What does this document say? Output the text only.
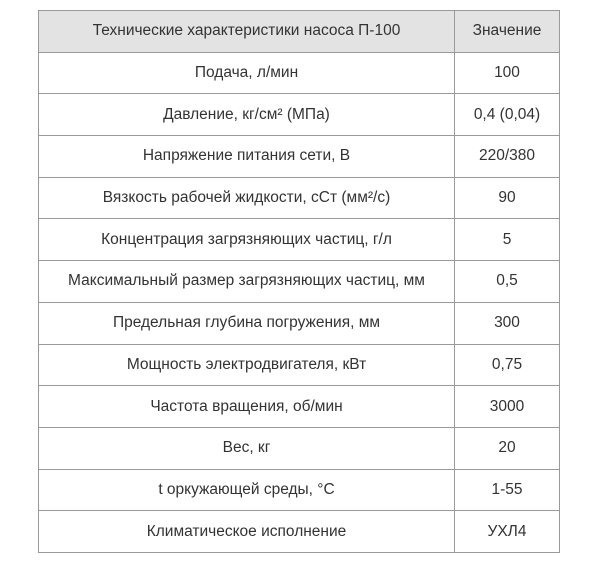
Технические характеристики насоса П-100	Значение
Подача, л/мин	100
Давление, кг/см² (МПа)	0,4 (0,04)
Напряжение питания сети, В	220/380
Вязкость рабочей жидкости, сСт (мм²/с)	90
Концентрация загрязняющих частиц, г/л	5
Максимальный размер загрязняющих частиц, мм	0,5
Предельная глубина погружения, мм	300
Мощность электродвигателя, кВт	0,75
Частота вращения, об/мин	3000
Вес, кг	20
t оркужающей среды, °С	1-55
Климатическое исполнение	УХЛ4
